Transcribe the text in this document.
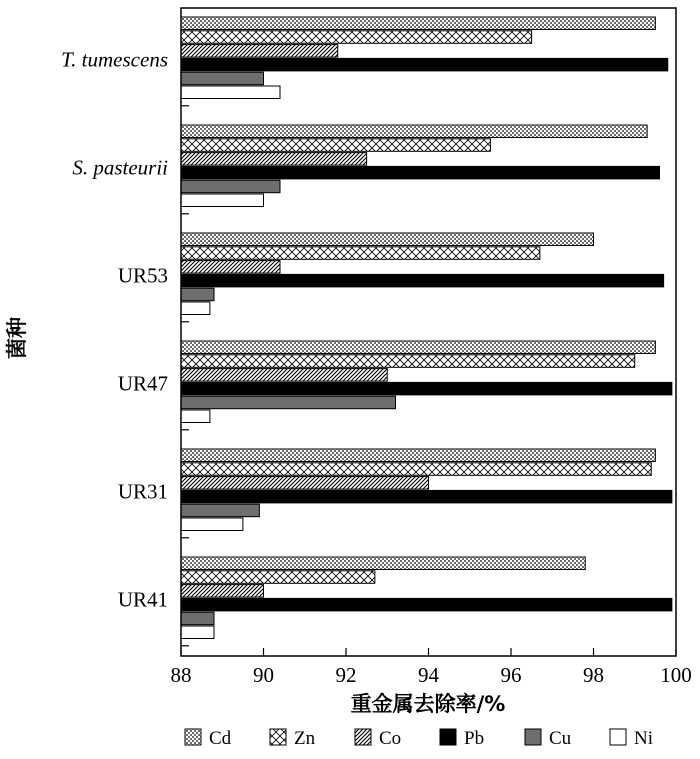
88	90	92	94	96	98	100
T. tumescens
S. pasteurii
UR53
UR47
UR31
UR41
重金属去除率/%
菌种
Cd	Zn	Co	Pb	Cu	Ni
